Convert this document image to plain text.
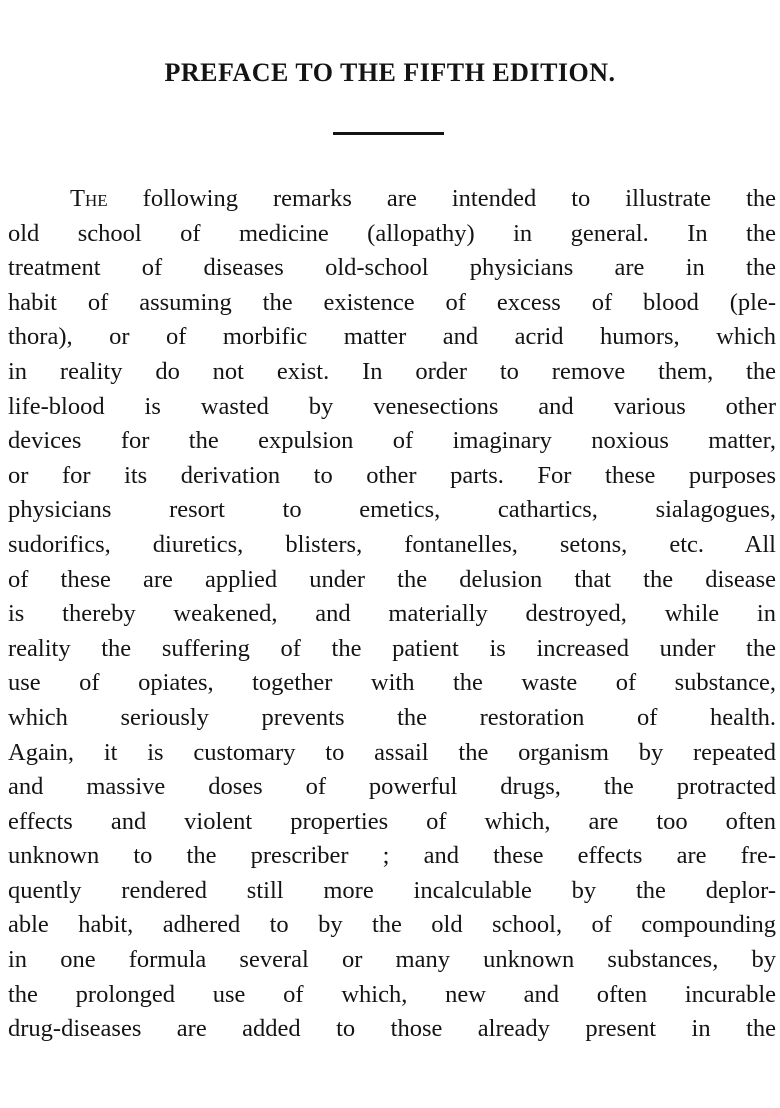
PREFACE TO THE FIFTH EDITION.
The following remarks are intended to illustrate the
old school of medicine (allopathy) in general. In the
treatment of diseases old-school physicians are in the
habit of assuming the existence of excess of blood (ple-
thora), or of morbific matter and acrid humors, which
in reality do not exist. In order to remove them, the
life-blood is wasted by venesections and various other
devices for the expulsion of imaginary noxious matter,
or for its derivation to other parts. For these purposes
physicians resort to emetics, cathartics, sialagogues,
sudorifics, diuretics, blisters, fontanelles, setons, etc. All
of these are applied under the delusion that the disease
is thereby weakened, and materially destroyed, while in
reality the suffering of the patient is increased under the
use of opiates, together with the waste of substance,
which seriously prevents the restoration of health.
Again, it is customary to assail the organism by repeated
and massive doses of powerful drugs, the protracted
effects and violent properties of which, are too often
unknown to the prescriber ; and these effects are fre-
quently rendered still more incalculable by the deplor-
able habit, adhered to by the old school, of compounding
in one formula several or many unknown substances, by
the prolonged use of which, new and often incurable
drug-diseases are added to those already present in the
